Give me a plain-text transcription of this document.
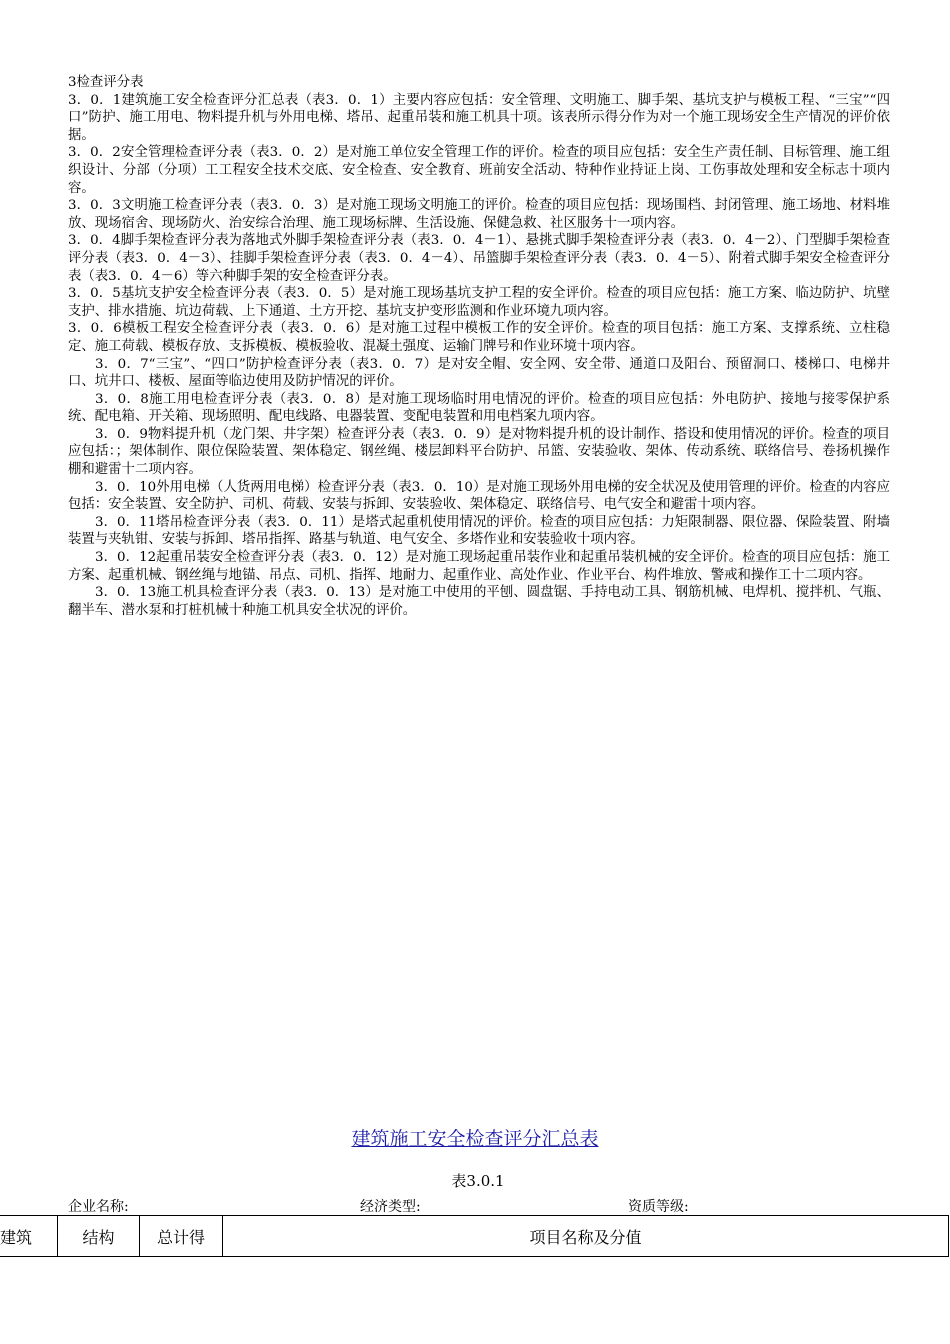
3检查评分表

3．0．1建筑施工安全检查评分汇总表（表3．0．1）主要内容应包括：安全管理、文明施工、脚手架、基坑支护与模板工程、“三宝”“四口”防护、施工用电、物料提升机与外用电梯、塔吊、起重吊装和施工机具十项。该表所示得分作为对一个施工现场安全生产情况的评价依据。

3．0．2安全管理检查评分表（表3．0．2）是对施工单位安全管理工作的评价。检查的项目应包括：安全生产责任制、目标管理、施工组织设计、分部（分项）工工程安全技术交底、安全检查、安全教育、班前安全活动、特种作业持证上岗、工伤事故处理和安全标志十项内容。

3．0．3文明施工检查评分表（表3．0．3）是对施工现场文明施工的评价。检查的项目应包括：现场围档、封闭管理、施工场地、材料堆放、现场宿舍、现场防火、治安综合治理、施工现场标牌、生活设施、保健急救、社区服务十一项内容。

3．0．4脚手架检查评分表为落地式外脚手架检查评分表（表3．0．4－1）、悬挑式脚手架检查评分表（表3．0．4－2）、门型脚手架检查评分表（表3．0．4－3）、挂脚手架检查评分表（表3．0．4－4）、吊篮脚手架检查评分表（表3．0．4－5）、附着式脚手架安全检查评分表（表3．0．4－6）等六种脚手架的安全检查评分表。

3．0．5基坑支护安全检查评分表（表3．0．5）是对施工现场基坑支护工程的安全评价。检查的项目应包括：施工方案、临边防护、坑壁支护、排水措施、坑边荷载、上下通道、土方开挖、基坑支护变形监测和作业环境九项内容。

3．0．6模板工程安全检查评分表（表3．0．6）是对施工过程中模板工作的安全评价。检查的项目包括：施工方案、支撑系统、立柱稳定、施工荷载、模板存放、支拆模板、模板验收、混凝土强度、运输门牌号和作业环境十项内容。

3．0．7“三宝”、“四口”防护检查评分表（表3．0．7）是对安全帽、安全网、安全带、通道口及阳台、预留洞口、楼梯口、电梯井口、坑井口、楼板、屋面等临边使用及防护情况的评价。

3．0．8施工用电检查评分表（表3．0．8）是对施工现场临时用电情况的评价。检查的项目应包括：外电防护、接地与接零保护系统、配电箱、开关箱、现场照明、配电线路、电器装置、变配电装置和用电档案九项内容。

3．0．9物料提升机（龙门架、井字架）检查评分表（表3．0．9）是对物料提升机的设计制作、搭设和使用情况的评价。检查的项目应包括：；架体制作、限位保险装置、架体稳定、钢丝绳、楼层卸料平台防护、吊篮、安装验收、架体、传动系统、联络信号、卷扬机操作棚和避雷十二项内容。

3．0．10外用电梯（人货两用电梯）检查评分表（表3．0．10）是对施工现场外用电梯的安全状况及使用管理的评价。检查的内容应包括：安全装置、安全防护、司机、荷载、安装与拆卸、安装验收、架体稳定、联络信号、电气安全和避雷十项内容。

3．0．11塔吊检查评分表（表3．0．11）是塔式起重机使用情况的评价。检查的项目应包括：力矩限制器、限位器、保险装置、附墙装置与夹轨钳、安装与拆卸、塔吊指挥、路基与轨道、电气安全、多塔作业和安装验收十项内容。

3．0．12起重吊装安全检查评分表（表3．0．12）是对施工现场起重吊装作业和起重吊装机械的安全评价。检查的项目应包括：施工方案、起重机械、钢丝绳与地锚、吊点、司机、指挥、地耐力、起重作业、高处作业、作业平台、构件堆放、警戒和操作工十二项内容。

3．0．13施工机具检查评分表（表3．0．13）是对施工中使用的平刨、圆盘锯、手持电动工具、钢筋机械、电焊机、搅拌机、气瓶、翻半车、潜水泵和打桩机械十种施工机具安全状况的评价。

建筑施工安全检查评分汇总表
表3.0.1
企业名称:	经济类型:	资质等级:
建筑	结构	总计得	项目名称及分值
